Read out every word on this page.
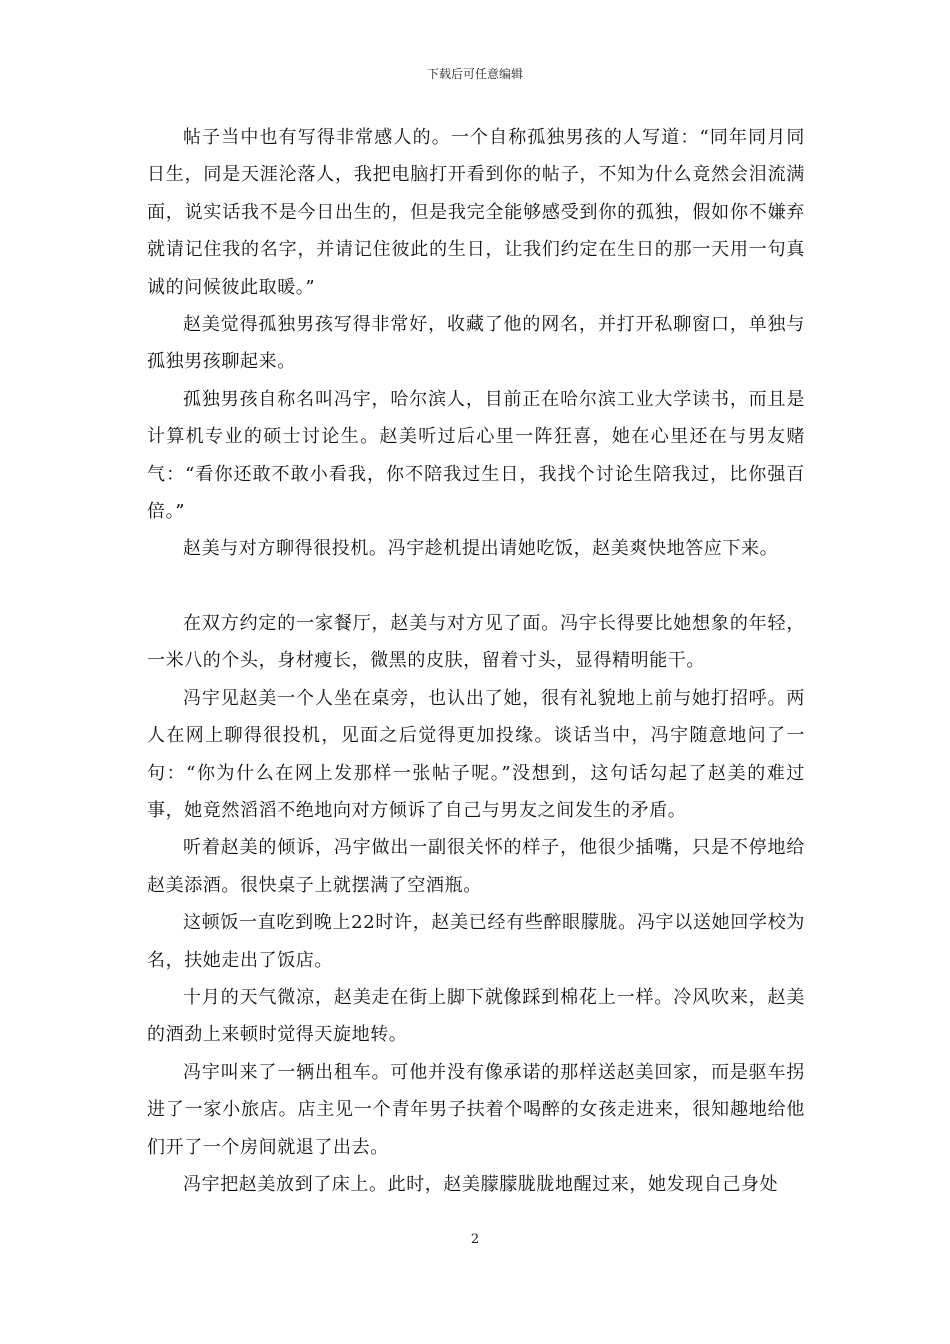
下载后可任意编辑

帖子当中也有写得非常感人的。一个自称孤独男孩的人写道：“同年同月同日生，同是天涯沦落人，我把电脑打开看到你的帖子，不知为什么竟然会泪流满面，说实话我不是今日出生的，但是我完全能够感受到你的孤独，假如你不嫌弃就请记住我的名字，并请记住彼此的生日，让我们约定在生日的那一天用一句真诚的问候彼此取暖。”

赵美觉得孤独男孩写得非常好，收藏了他的网名，并打开私聊窗口，单独与孤独男孩聊起来。

孤独男孩自称名叫冯宇，哈尔滨人，目前正在哈尔滨工业大学读书，而且是计算机专业的硕士讨论生。赵美听过后心里一阵狂喜，她在心里还在与男友赌气：“看你还敢不敢小看我，你不陪我过生日，我找个讨论生陪我过，比你强百倍。”

赵美与对方聊得很投机。冯宇趁机提出请她吃饭，赵美爽快地答应下来。

在双方约定的一家餐厅，赵美与对方见了面。冯宇长得要比她想象的年轻，一米八的个头，身材瘦长，微黑的皮肤，留着寸头，显得精明能干。

冯宇见赵美一个人坐在桌旁，也认出了她，很有礼貌地上前与她打招呼。两人在网上聊得很投机，见面之后觉得更加投缘。谈话当中，冯宇随意地问了一句：“你为什么在网上发那样一张帖子呢。”没想到，这句话勾起了赵美的难过事，她竟然滔滔不绝地向对方倾诉了自己与男友之间发生的矛盾。

听着赵美的倾诉，冯宇做出一副很关怀的样子，他很少插嘴，只是不停地给赵美添酒。很快桌子上就摆满了空酒瓶。

这顿饭一直吃到晚上22时许，赵美已经有些醉眼朦胧。冯宇以送她回学校为名，扶她走出了饭店。

十月的天气微凉，赵美走在街上脚下就像踩到棉花上一样。冷风吹来，赵美的酒劲上来顿时觉得天旋地转。

冯宇叫来了一辆出租车。可他并没有像承诺的那样送赵美回家，而是驱车拐进了一家小旅店。店主见一个青年男子扶着个喝醉的女孩走进来，很知趣地给他们开了一个房间就退了出去。

冯宇把赵美放到了床上。此时，赵美朦朦胧胧地醒过来，她发现自己身处

2
